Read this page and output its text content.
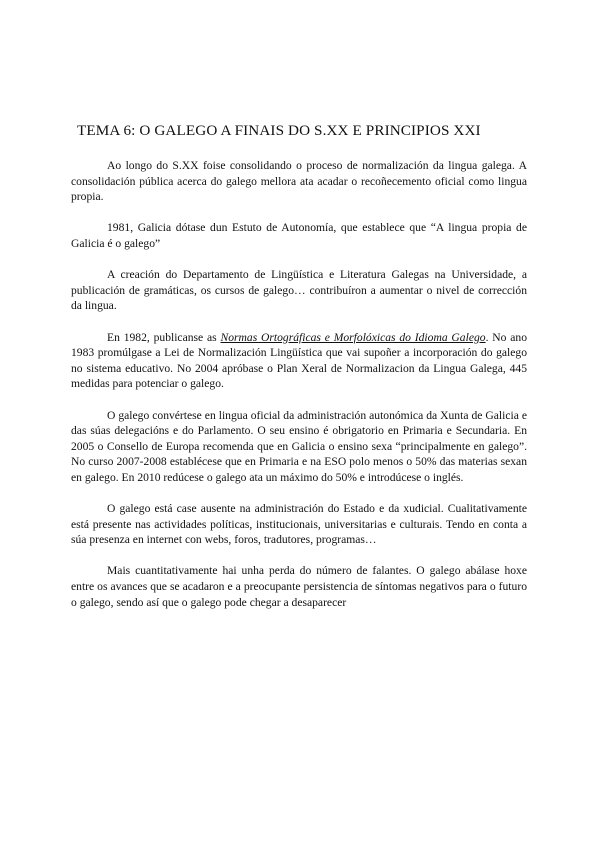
TEMA 6: O GALEGO A FINAIS DO S.XX E PRINCIPIOS XXI

Ao longo do S.XX foise consolidando o proceso de normalización da lingua galega. A consolidación pública acerca do galego mellora ata acadar o recoñecemento oficial como lingua propia.

1981, Galicia dótase dun Estuto de Autonomía, que establece que “A lingua propia de Galicia é o galego”

A creación do Departamento de Lingüística e Literatura Galegas na Universidade, a publicación de gramáticas, os cursos de galego… contribuíron a aumentar o nivel de corrección da lingua.

En 1982, publicanse as Normas Ortográficas e Morfolóxicas do Idioma Galego. No ano 1983 promúlgase a Lei de Normalización Lingüística que vai supoñer a incorporación do galego no sistema educativo. No 2004 apróbase o Plan Xeral de Normalizacion da Lingua Galega, 445 medidas para potenciar o galego.

O galego convértese en lingua oficial da administración autonómica da Xunta de Galicia e das súas delegacións e do Parlamento. O seu ensino é obrigatorio en Primaria e Secundaria. En 2005 o Consello de Europa recomenda que en Galicia o ensino sexa “principalmente en galego”. No curso 2007-2008 establécese que en Primaria e na ESO polo menos o 50% das materias sexan en galego. En 2010 redúcese o galego ata un máximo do 50% e introdúcese o inglés.

O galego está case ausente na administración do Estado e da xudicial. Cualitativamente está presente nas actividades políticas, institucionais, universitarias e culturais. Tendo en conta a súa presenza en internet con webs, foros, tradutores, programas…

Mais cuantitativamente hai unha perda do número de falantes. O galego abálase hoxe entre os avances que se acadaron e a preocupante persistencia de síntomas negativos para o futuro o galego, sendo así que o galego pode chegar a desaparecer
